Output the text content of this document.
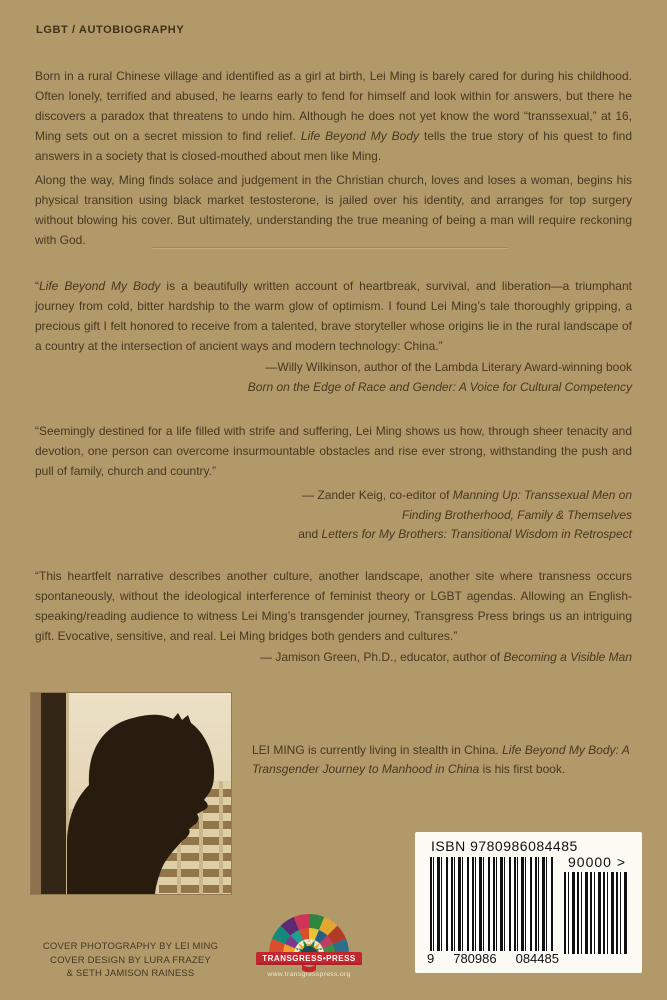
LGBT / AUTOBIOGRAPHY

Born in a rural Chinese village and identified as a girl at birth, Lei Ming is barely cared for during his childhood. Often lonely, terrified and abused, he learns early to fend for himself and look within for answers, but there he discovers a paradox that threatens to undo him. Although he does not yet know the word “transsexual,” at 16, Ming sets out on a secret mission to find relief. Life Beyond My Body tells the true story of his quest to find answers in a society that is closed-mouthed about men like Ming.

Along the way, Ming finds solace and judgement in the Christian church, loves and loses a woman, begins his physical transition using black market testosterone, is jailed over his identity, and arranges for top surgery without blowing his cover. But ultimately, understanding the true meaning of being a man will require reckoning with God.

“Life Beyond My Body is a beautifully written account of heartbreak, survival, and liberation—a triumphant journey from cold, bitter hardship to the warm glow of optimism. I found Lei Ming’s tale thoroughly gripping, a precious gift I felt honored to receive from a talented, brave storyteller whose origins lie in the rural landscape of a country at the intersection of ancient ways and modern technology: China.”

—Willy Wilkinson, author of the Lambda Literary Award-winning book
Born on the Edge of Race and Gender: A Voice for Cultural Competency

“Seemingly destined for a life filled with strife and suffering, Lei Ming shows us how, through sheer tenacity and devotion, one person can overcome insurmountable obstacles and rise ever strong, withstanding the push and pull of family, church and country.”

— Zander Keig, co-editor of Manning Up: Transsexual Men on
Finding Brotherhood, Family & Themselves
and Letters for My Brothers: Transitional Wisdom in Retrospect

“This heartfelt narrative describes another culture, another landscape, another site where transness occurs spontaneously, without the ideological interference of feminist theory or LGBT agendas. Allowing an English-speaking/reading audience to witness Lei Ming’s transgender journey, Transgress Press brings us an intriguing gift. Evocative, sensitive, and real. Lei Ming bridges both genders and cultures.”

— Jamison Green, Ph.D., educator, author of Becoming a Visible Man

LEI MING is currently living in stealth in China. Life Beyond My Body: A Transgender Journey to Manhood in China is his first book.

COVER PHOTOGRAPHY BY LEI MING
COVER DESIGN BY LURA FRAZEY
& SETH JAMISON RAINESS
TRANSGRESS•PRESS
www.transgresspress.org
ISBN 9780986084485
9 780986 084485
90000 >
